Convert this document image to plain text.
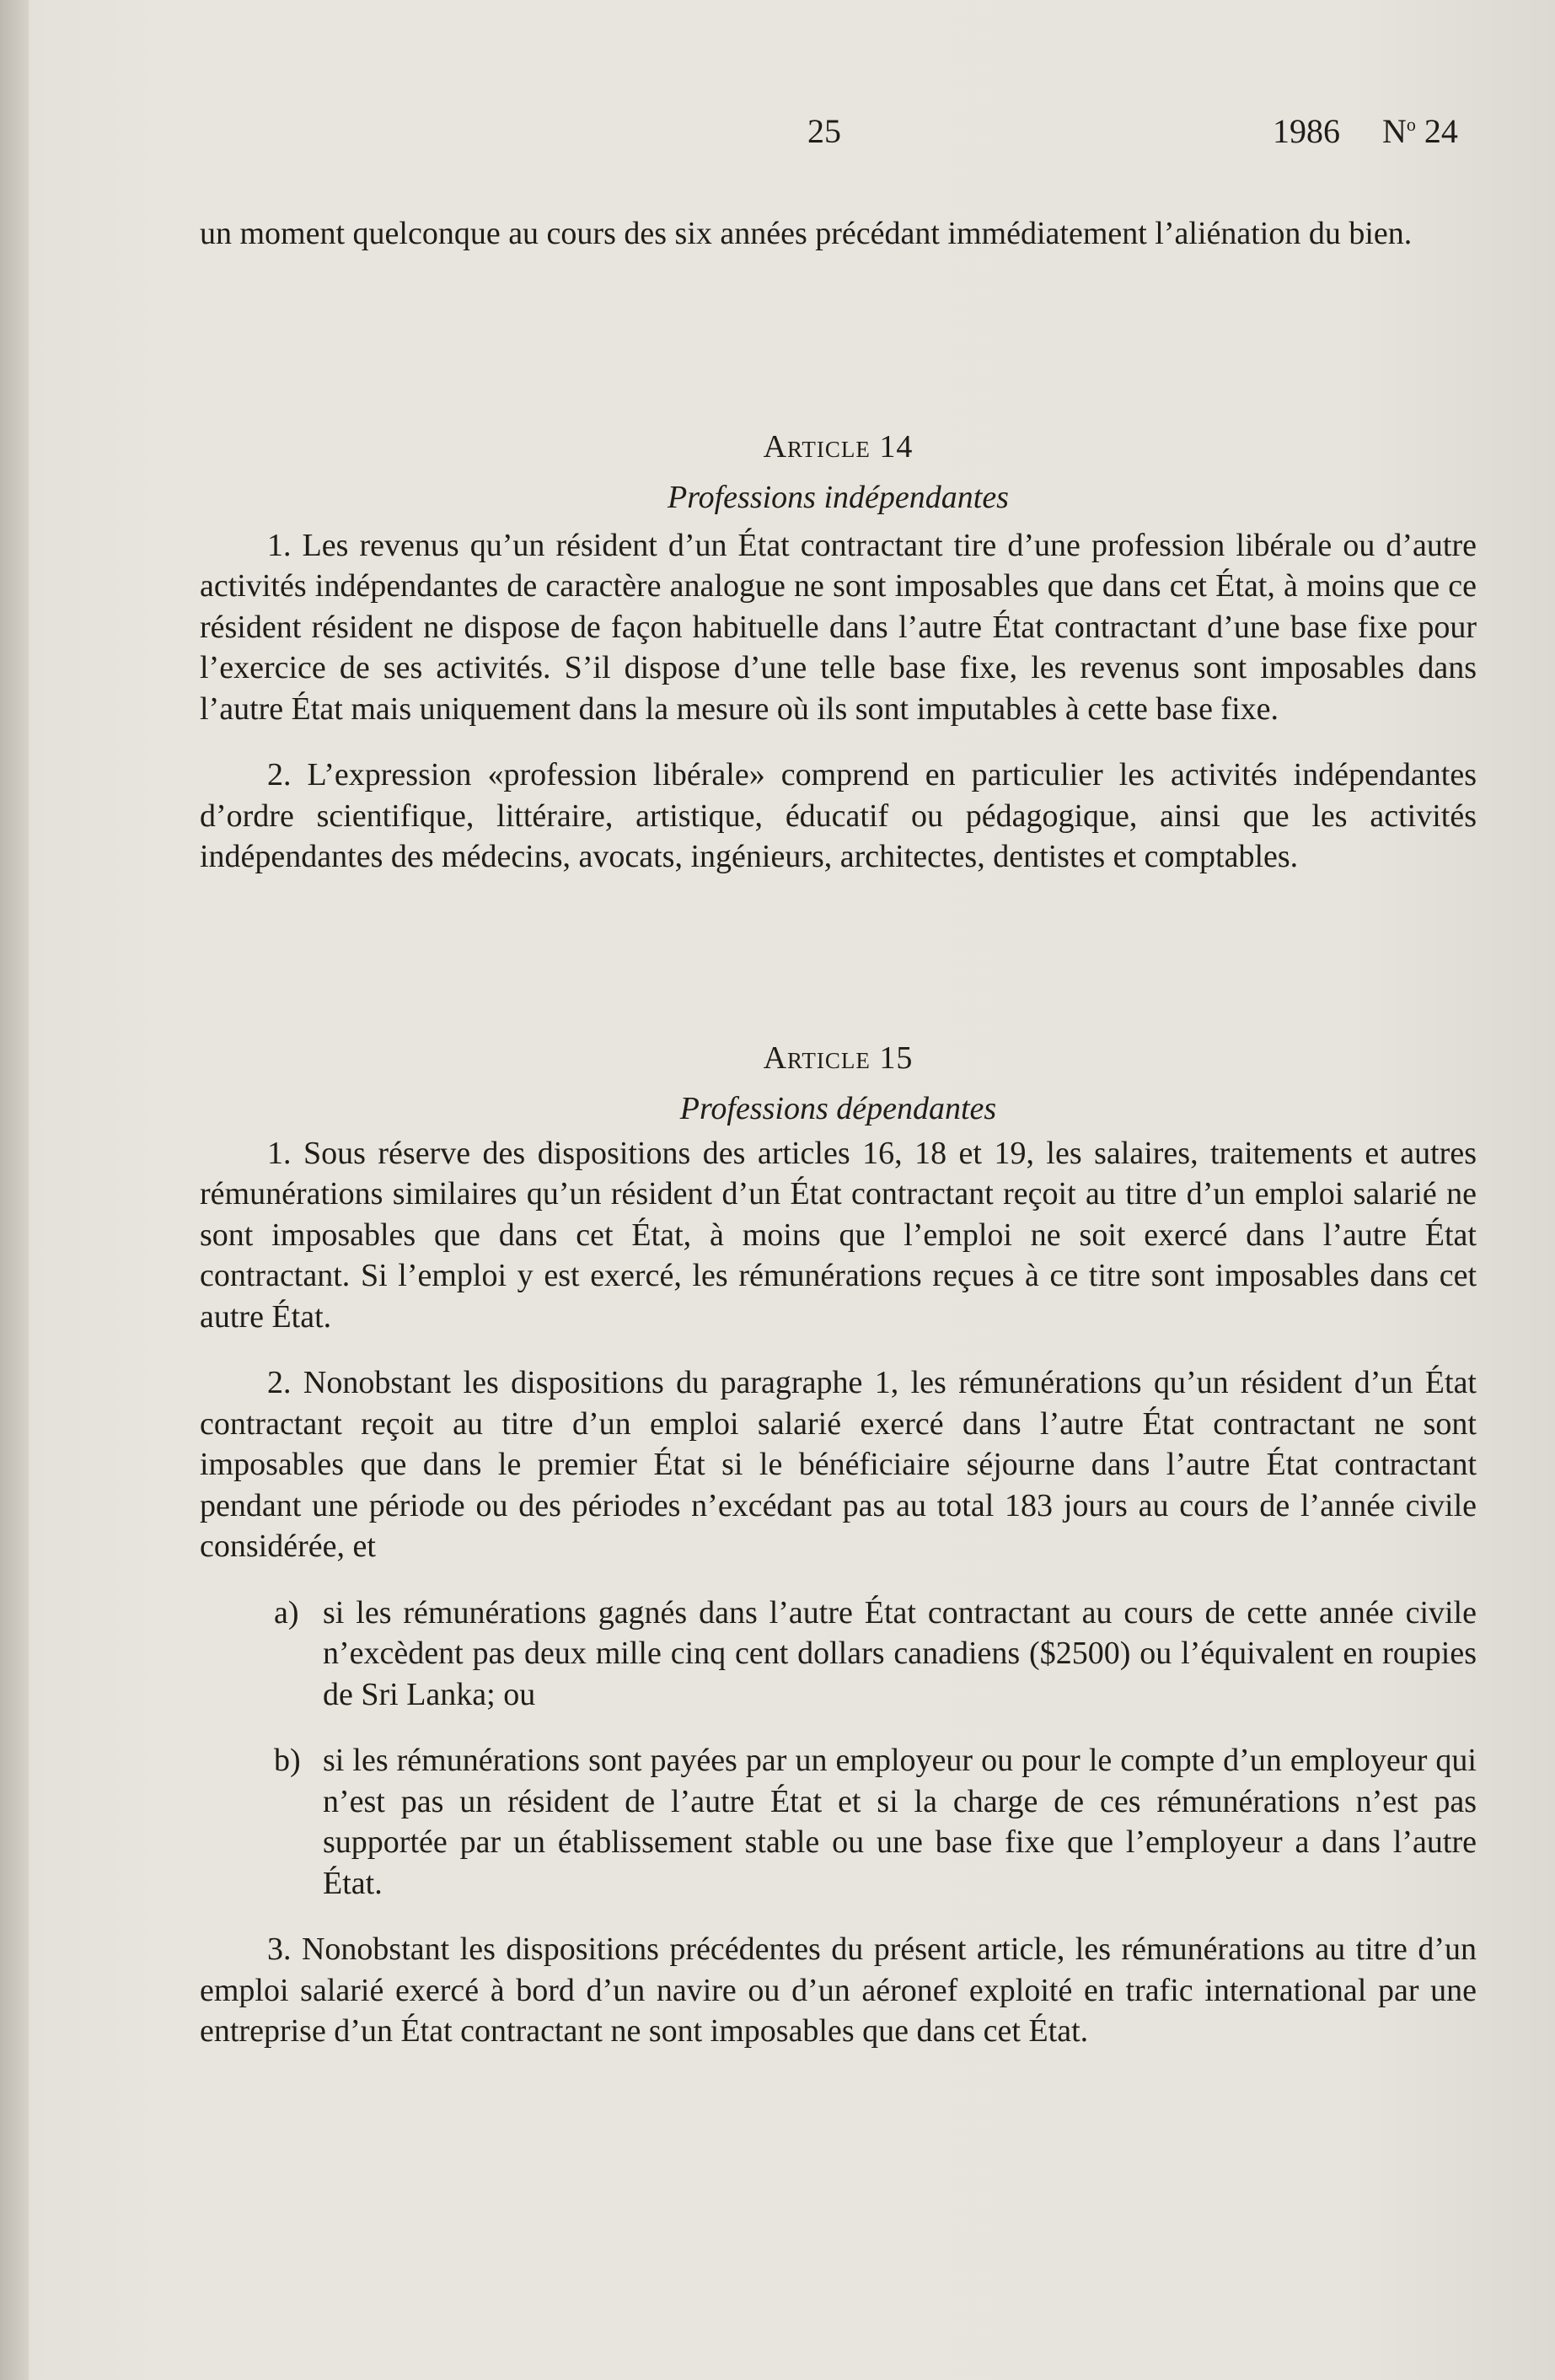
25	1986 $N^o$ 24

un moment quelconque au cours des six années précédant immédiatement l’aliénation du bien.

Article 14

Professions indépendantes

1. Les revenus qu’un résident d’un État contractant tire d’une profession libérale ou d’autre activités indépendantes de caractère analogue ne sont imposables que dans cet État, à moins que ce résident résident ne dispose de façon habituelle dans l’autre État contractant d’une base fixe pour l’exercice de ses activités. S’il dispose d’une telle base fixe, les revenus sont imposables dans l’autre État mais uniquement dans la mesure où ils sont imputables à cette base fixe.

2. L’expression «profession libérale» comprend en particulier les activités indépendantes d’ordre scientifique, littéraire, artistique, éducatif ou pédagogique, ainsi que les activités indépendantes des médecins, avocats, ingénieurs, architectes, dentistes et comptables.

Article 15

Professions dépendantes

1. Sous réserve des dispositions des articles 16, 18 et 19, les salaires, traitements et autres rémunérations similaires qu’un résident d’un État contractant reçoit au titre d’un emploi salarié ne sont imposables que dans cet État, à moins que l’emploi ne soit exercé dans l’autre État contractant. Si l’emploi y est exercé, les rémunérations reçues à ce titre sont imposables dans cet autre État.

2. Nonobstant les dispositions du paragraphe 1, les rémunérations qu’un résident d’un État contractant reçoit au titre d’un emploi salarié exercé dans l’autre État contractant ne sont imposables que dans le premier État si le bénéficiaire séjourne dans l’autre État contractant pendant une période ou des périodes n’excédant pas au total 183 jours au cours de l’année civile considérée, et

a) si les rémunérations gagnés dans l’autre État contractant au cours de cette année civile n’excèdent pas deux mille cinq cent dollars canadiens ($2500) ou l’équivalent en roupies de Sri Lanka; ou

b) si les rémunérations sont payées par un employeur ou pour le compte d’un employeur qui n’est pas un résident de l’autre État et si la charge de ces rémunérations n’est pas supportée par un établissement stable ou une base fixe que l’employeur a dans l’autre État.

3. Nonobstant les dispositions précédentes du présent article, les rémunérations au titre d’un emploi salarié exercé à bord d’un navire ou d’un aéronef exploité en trafic international par une entreprise d’un État contractant ne sont imposables que dans cet État.
